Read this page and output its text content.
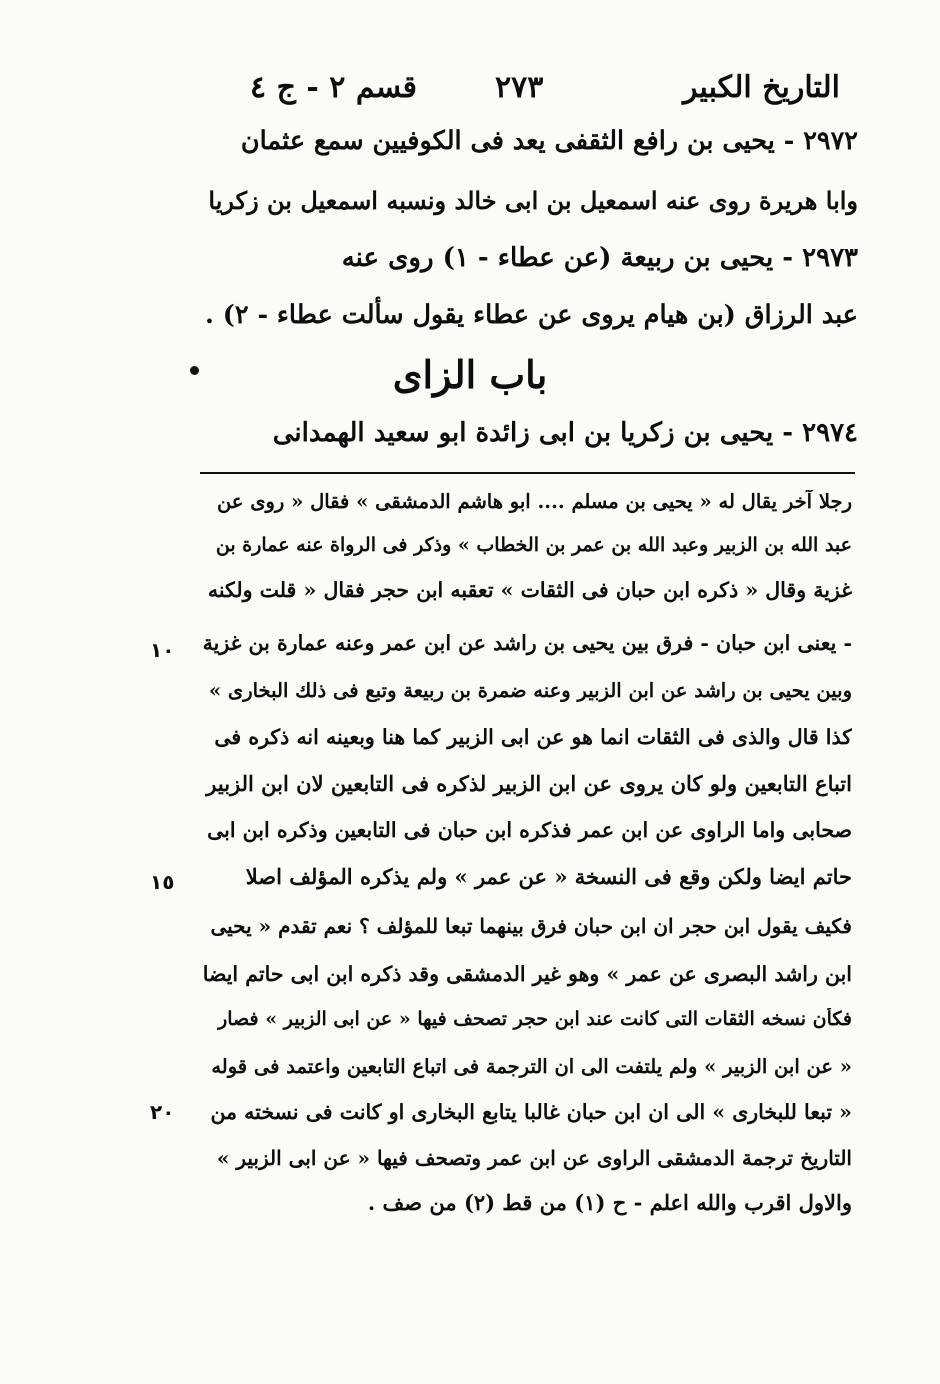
التاريخ الكبير
٢٧٣
قسم ٢ - ج ٤
٢٩٧٢ - يحيى بن رافع الثقفى يعد فى الكوفيين سمع عثمان
وابا هريرة روى عنه اسمعيل بن ابى خالد ونسبه اسمعيل بن زكريا
٢٩٧٣ - يحيى بن ربيعة (عن عطاء - ١) روى عنه
عبد الرزاق (بن هيام يروى عن عطاء يقول سألت عطاء - ٢) .
باب الزاى
٢٩٧٤ - يحيى بن زكريا بن ابى زائدة ابو سعيد الهمدانى
رجلا آخر يقال له « يحيى بن مسلم .... ابو هاشم الدمشقى » فقال « روى عن
عبد الله بن الزبير وعبد الله بن عمر بن الخطاب » وذكر فى الرواة عنه عمارة بن
غزية وقال « ذكره ابن حبان فى الثقات » تعقبه ابن حجر فقال « قلت ولكنه
- يعنى ابن حبان - فرق بين يحيى بن راشد عن ابن عمر وعنه عمارة بن غزية
وبين يحيى بن راشد عن ابن الزبير وعنه ضمرة بن ربيعة وتبع فى ذلك البخارى »
كذا قال والذى فى الثقات انما هو عن ابى الزبير كما هنا وبعينه انه ذكره فى
اتباع التابعين ولو كان يروى عن ابن الزبير لذكره فى التابعين لان ابن الزبير
صحابى واما الراوى عن ابن عمر فذكره ابن حبان فى التابعين وذكره ابن ابى
حاتم ايضا ولكن وقع فى النسخة « عن عمر » ولم يذكره المؤلف اصلا
فكيف يقول ابن حجر ان ابن حبان فرق بينهما تبعا للمؤلف ؟ نعم تقدم « يحيى
ابن راشد البصرى عن عمر » وهو غير الدمشقى وقد ذكره ابن ابى حاتم ايضا
فكأن نسخه الثقات التى كانت عند ابن حجر تصحف فيها « عن ابى الزبير » فصار
« عن ابن الزبير » ولم يلتفت الى ان الترجمة فى اتباع التابعين واعتمد فى قوله
« تبعا للبخارى » الى ان ابن حبان غالبا يتابع البخارى او كانت فى نسخته من
التاريخ ترجمة الدمشقى الراوى عن ابن عمر وتصحف فيها « عن ابى الزبير »
والاول اقرب والله اعلم - ح (١) من قط (٢) من صف .
١٠
١٥
٢٠
